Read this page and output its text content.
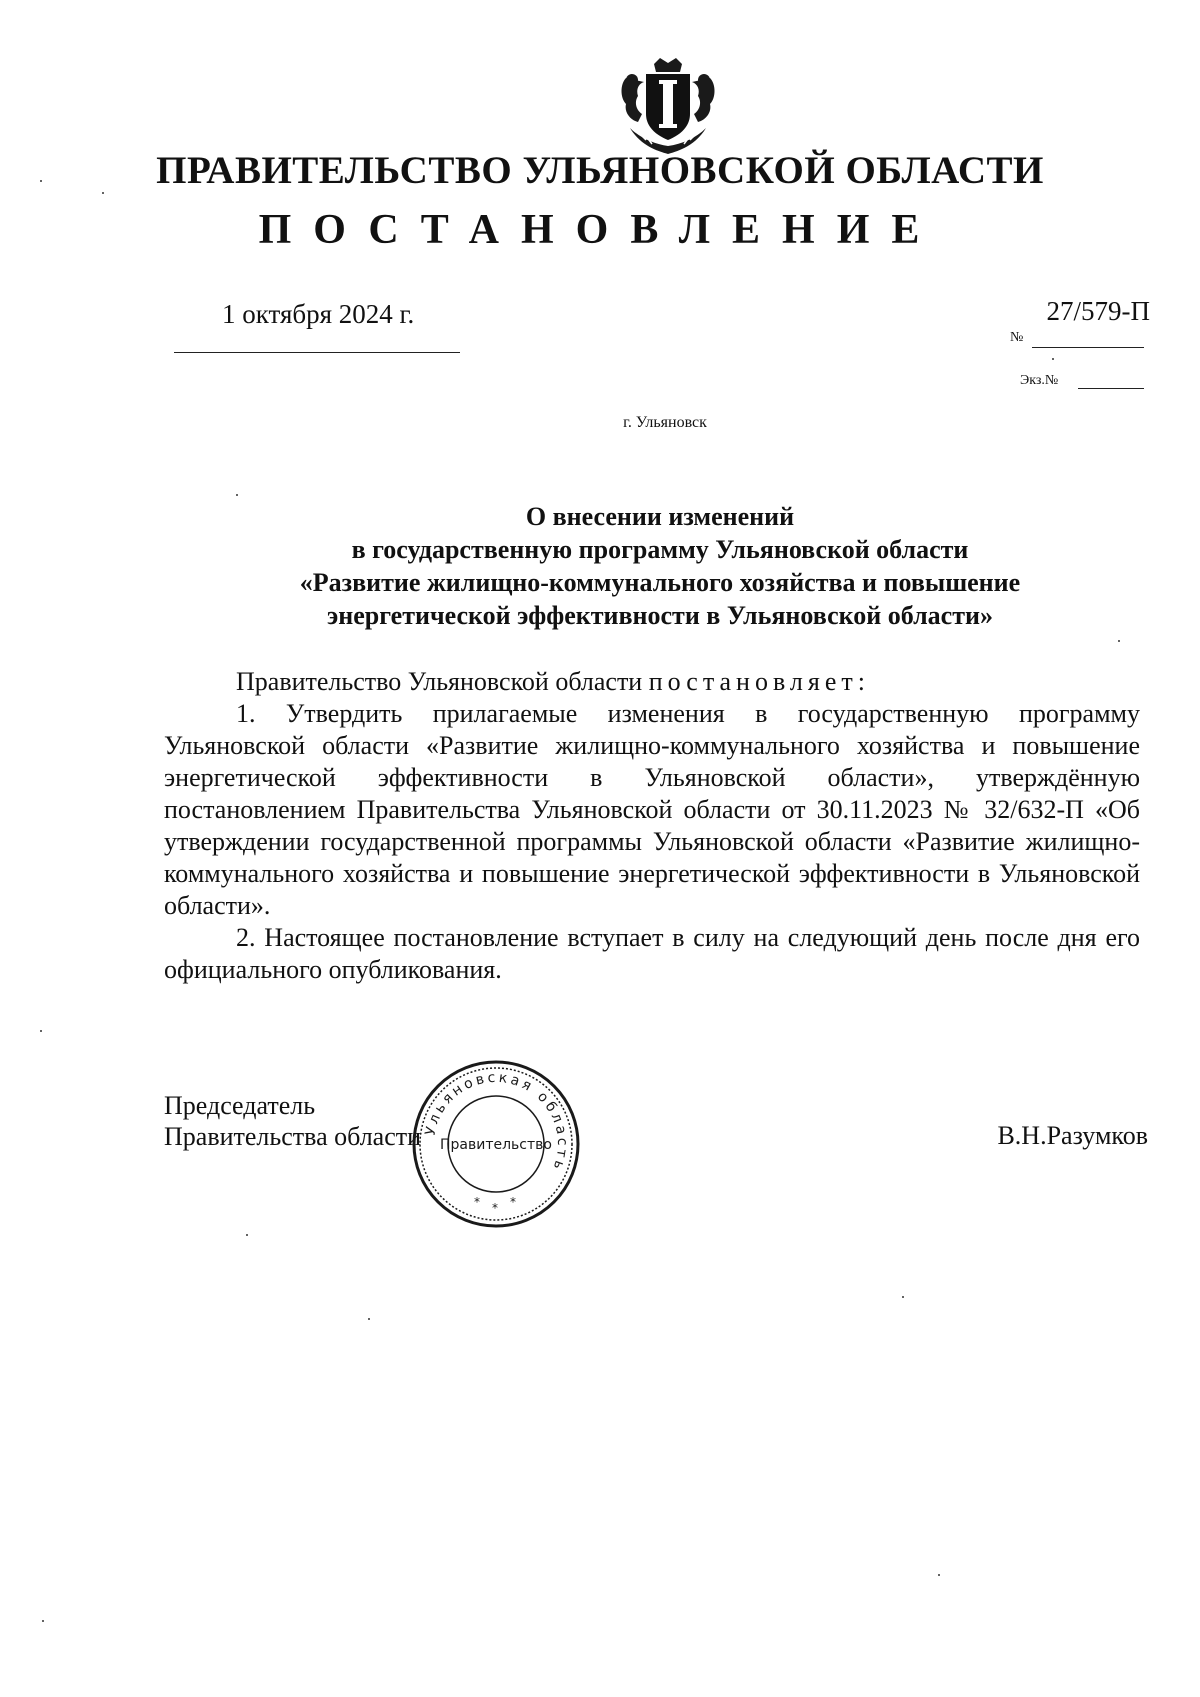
ПРАВИТЕЛЬСТВО УЛЬЯНОВСКОЙ ОБЛАСТИ
ПОСТАНОВЛЕНИЕ
1 октября 2024 г.	27/579-П
№
Экз.№
г. Ульяновск
О внесении изменений
в государственную программу Ульяновской области
«Развитие жилищно-коммунального хозяйства и повышение
энергетической эффективности в Ульяновской области»

Правительство Ульяновской области постановляет:

1. Утвердить прилагаемые изменения в государственную программу Ульяновской области «Развитие жилищно-коммунального хозяйства и повышение энергетической эффективности в Ульяновской области», утверждённую постановлением Правительства Ульяновской области от 30.11.2023 № 32/632-П «Об утверждении государственной программы Ульяновской области «Развитие жилищно-коммунального хозяйства и повышение энергетической эффективности в Ульяновской области».

2. Настоящее постановление вступает в силу на следующий день после дня его официального опубликования.

Председатель
Правительства области Ульяновская область
Правительство
* * *
В.Н.Разумков
